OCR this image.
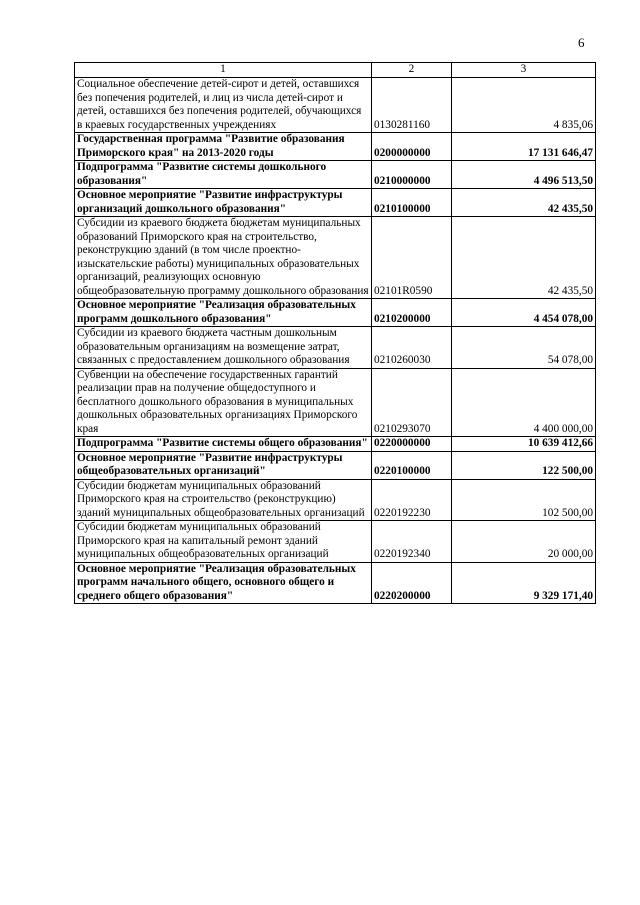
6
1	2	3
Социальное обеспечение детей-сирот и детей, оставшихся без попечения родителей, и лиц из числа детей-сирот и детей, оставшихся без попечения родителей, обучающихся в краевых государственных учреждениях	0130281160	4 835,06
Государственная программа "Развитие образования Приморского края" на 2013-2020 годы	0200000000	17 131 646,47
Подпрограмма "Развитие системы дошкольного образования"	0210000000	4 496 513,50
Основное мероприятие "Развитие инфраструктуры организаций дошкольного образования"	0210100000	42 435,50
Субсидии из краевого бюджета бюджетам муниципальных образований Приморского края на строительство, реконструкцию зданий (в том числе проектно-изыскательские работы) муниципальных образовательных организаций, реализующих основную общеобразовательную программу дошкольного образования	02101R0590	42 435,50
Основное мероприятие "Реализация образовательных программ дошкольного образования"	0210200000	4 454 078,00
Субсидии из краевого бюджета частным дошкольным образовательным организациям на возмещение затрат, связанных с предоставлением дошкольного образования	0210260030	54 078,00
Субвенции на обеспечение государственных гарантий реализации прав на получение общедоступного и бесплатного дошкольного образования в муниципальных дошкольных образовательных организациях Приморского края	0210293070	4 400 000,00
Подпрограмма "Развитие системы общего образования"	0220000000	10 639 412,66
Основное мероприятие "Развитие инфраструктуры общеобразовательных организаций"	0220100000	122 500,00
Субсидии бюджетам муниципальных образований Приморского края на строительство (реконструкцию) зданий муниципальных общеобразовательных организаций	0220192230	102 500,00
Субсидии бюджетам муниципальных образований Приморского края на капитальный ремонт зданий муниципальных общеобразовательных организаций	0220192340	20 000,00
Основное мероприятие "Реализация образовательных программ начального общего, основного общего и среднего общего образования"	0220200000	9 329 171,40
